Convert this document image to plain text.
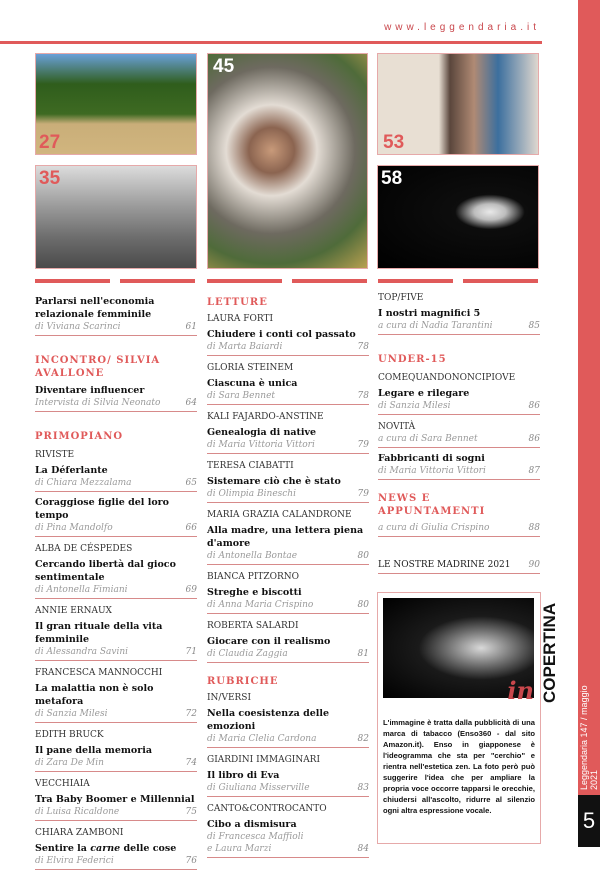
www.leggendaria.it
Leggendaria 147 / maggio 2021
5
27
35
45
53
58
Parlarsi nell'economia relazionale femminile
di Viviana Scarinci	61
INCONTRO/ SILVIA AVALLONE
Diventare influencer
Intervista di Silvia Neonato	64
PRIMOPIANO
RIVISTE
La Déferlante
di Chiara Mezzalama	65
Coraggiose figlie del loro tempo
di Pina Mandolfo	66
ALBA DE CÉSPEDES
Cercando libertà dal gioco sentimentale
di Antonella Fimiani	69
ANNIE ERNAUX
Il gran rituale della vita femminile
di Alessandra Savini	71
FRANCESCA MANNOCCHI
La malattia non è solo metafora
di Sanzia Milesi	72
EDITH BRUCK
Il pane della memoria
di Zara De Min	74
VECCHIAIA
Tra Baby Boomer e Millennial
di Luisa Ricaldone	75
CHIARA ZAMBONI
Sentire la carne delle cose
di Elvira Federici	76
LETTURE
LAURA FORTI
Chiudere i conti col passato
di Marta Baiardi	78
GLORIA STEINEM
Ciascuna è unica
di Sara Bennet	78
KALI FAJARDO-ANSTINE
Genealogia di native
di Maria Vittoria Vittori	79
TERESA CIABATTI
Sistemare ciò che è stato
di Olimpia Bineschi	79
MARIA GRAZIA CALANDRONE
Alla madre, una lettera piena d'amore
di Antonella Bontae	80
BIANCA PITZORNO
Streghe e biscotti
di Anna Maria Crispino	80
ROBERTA SALARDI
Giocare con il realismo
di Claudia Zaggia	81
RUBRICHE
IN/VERSI
Nella coesistenza delle emozioni
di Maria Clelia Cardona	82
GIARDINI IMMAGINARI
Il libro di Eva
di Giuliana Misserville	83
CANTO&CONTROCANTO
Cibo a dismisura
di Francesca Maffioli
e Laura Marzi	84
TOP/FIVE
I nostri magnifici 5
a cura di Nadia Tarantini	85
UNDER-15
COMEQUANDONONCIPIOVE
Legare e rilegare
di Sanzia Milesi	86
NOVITÀ
a cura di Sara Bennet	86
Fabbricanti di sogni
di Maria Vittoria Vittori	87
NEWS E APPUNTAMENTI
a cura di Giulia Crispino	88
LE NOSTRE MADRINE 2021 90
in
L'immagine è tratta dalla pubblicità di una marca di tabacco (Enso360 - dal sito Amazon.it). Enso in giapponese è l'ideogramma che sta per "cerchio" e rientra nell'estetica zen. La foto però può suggerire l'idea che per ampliare la propria voce occorre tapparsi le orecchie, chiudersi all'ascolto, ridurre al silenzio ogni altra espressione vocale.
COPERTINA
